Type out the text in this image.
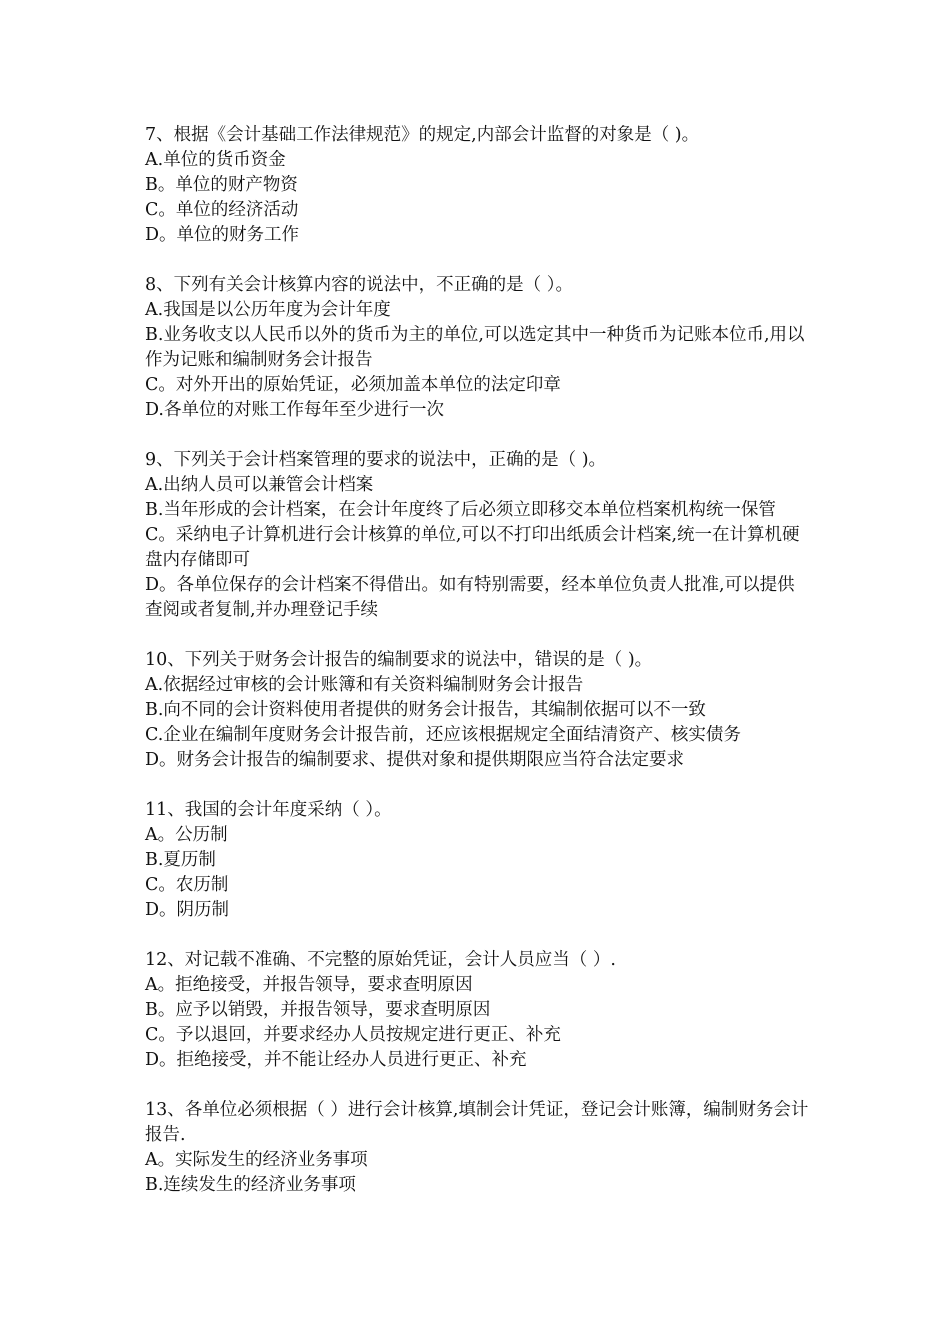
7、根据《会计基础工作法律规范》的规定,内部会计监督的对象是（ )。

A.单位的货币资金

B。单位的财产物资

C。单位的经济活动

D。单位的财务工作

8、下列有关会计核算内容的说法中，不正确的是（ ）。

A.我国是以公历年度为会计年度

B.业务收支以人民币以外的货币为主的单位,可以选定其中一种货币为记账本位币,用以作为记账和编制财务会计报告

C。对外开出的原始凭证，必须加盖本单位的法定印章

D.各单位的对账工作每年至少进行一次

9、下列关于会计档案管理的要求的说法中，正确的是（ )。

A.出纳人员可以兼管会计档案

B.当年形成的会计档案，在会计年度终了后必须立即移交本单位档案机构统一保管

C。采纳电子计算机进行会计核算的单位,可以不打印出纸质会计档案,统一在计算机硬盘内存储即可

D。各单位保存的会计档案不得借出。如有特别需要，经本单位负责人批准,可以提供查阅或者复制,并办理登记手续

10、下列关于财务会计报告的编制要求的说法中，错误的是（ )。

A.依据经过审核的会计账簿和有关资料编制财务会计报告

B.向不同的会计资料使用者提供的财务会计报告，其编制依据可以不一致

C.企业在编制年度财务会计报告前，还应该根据规定全面结清资产、核实债务

D。财务会计报告的编制要求、提供对象和提供期限应当符合法定要求

11、我国的会计年度采纳（ ）。

A。公历制

B.夏历制

C。农历制

D。阴历制

12、对记载不准确、不完整的原始凭证，会计人员应当（ ）.

A。拒绝接受，并报告领导，要求查明原因

B。应予以销毁，并报告领导，要求查明原因

C。予以退回，并要求经办人员按规定进行更正、补充

D。拒绝接受，并不能让经办人员进行更正、补充

13、各单位必须根据（ ）进行会计核算,填制会计凭证，登记会计账簿，编制财务会计报告.

A。实际发生的经济业务事项

B.连续发生的经济业务事项
